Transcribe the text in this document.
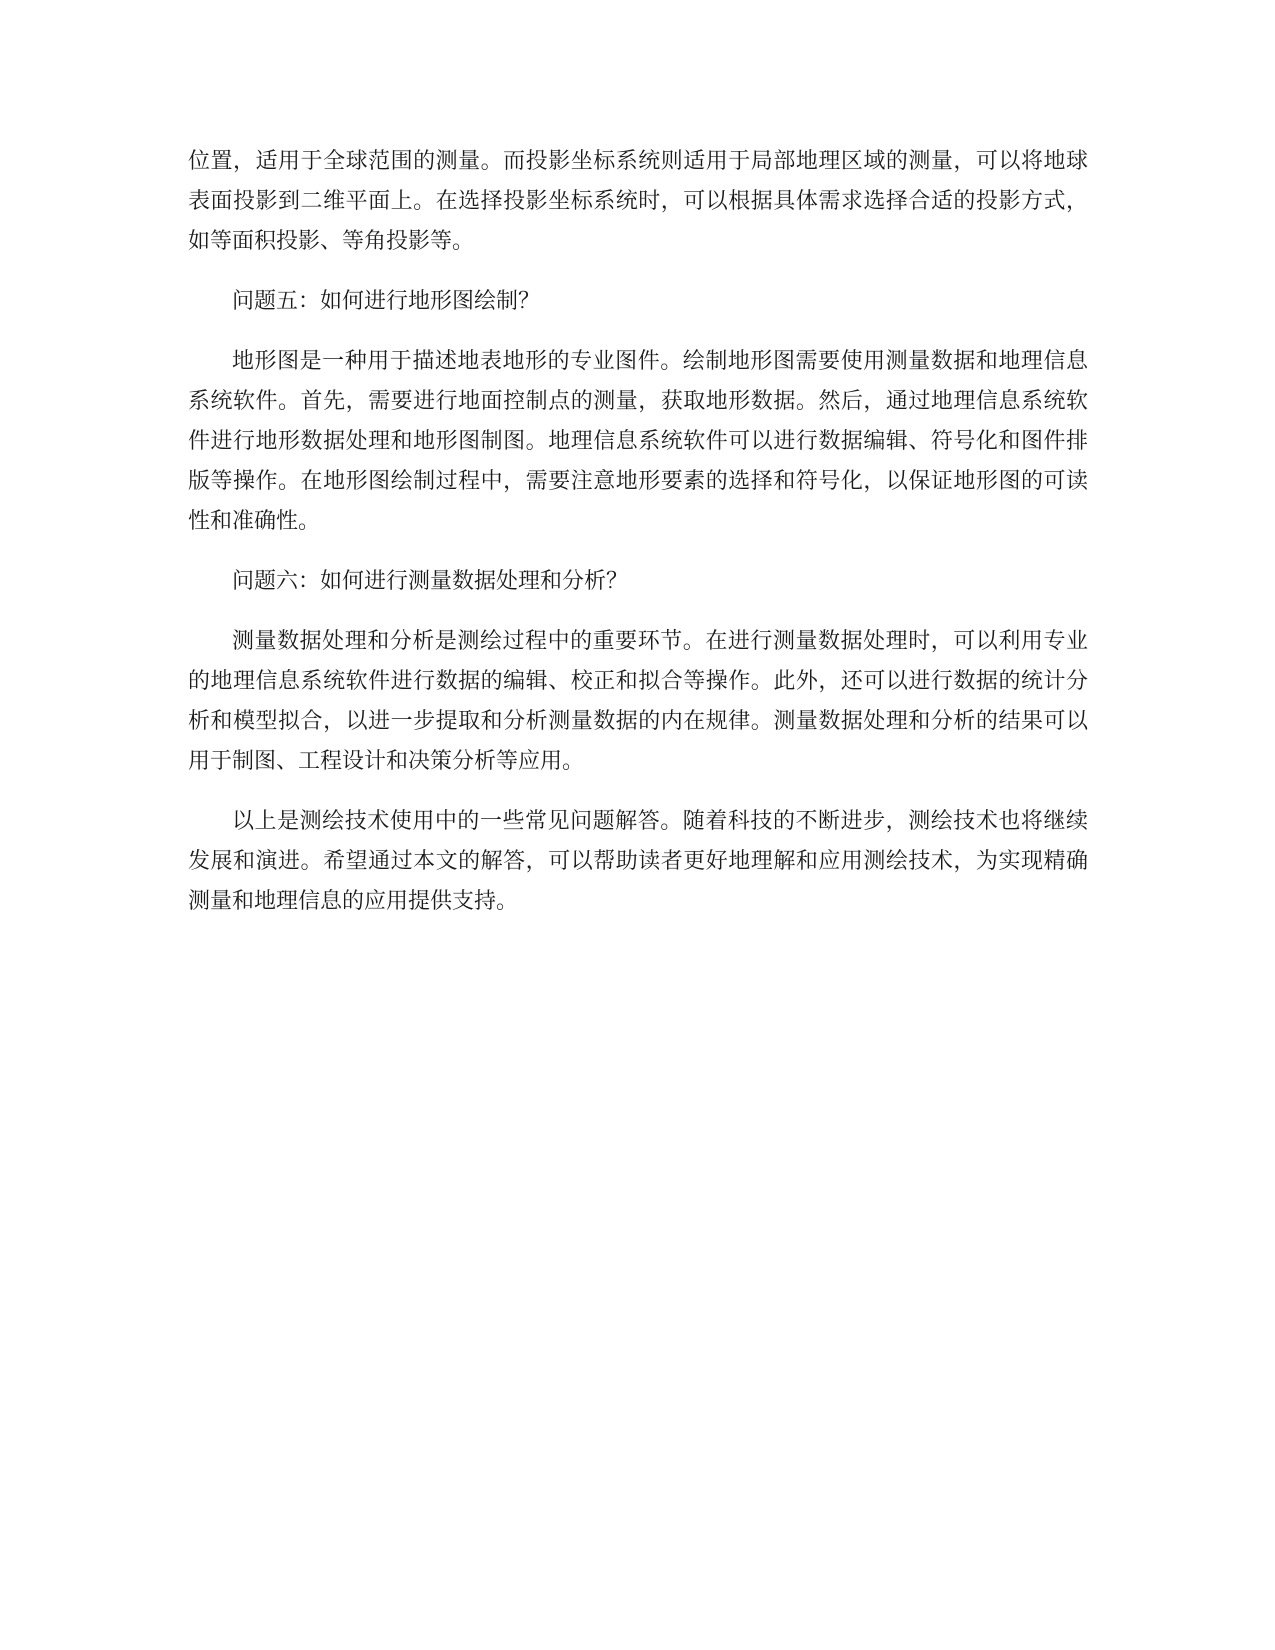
位置，适用于全球范围的测量。而投影坐标系统则适用于局部地理区域的测量，可以将地球表面投影到二维平面上。在选择投影坐标系统时，可以根据具体需求选择合适的投影方式，如等面积投影、等角投影等。

问题五：如何进行地形图绘制？

地形图是一种用于描述地表地形的专业图件。绘制地形图需要使用测量数据和地理信息系统软件。首先，需要进行地面控制点的测量，获取地形数据。然后，通过地理信息系统软件进行地形数据处理和地形图制图。地理信息系统软件可以进行数据编辑、符号化和图件排版等操作。在地形图绘制过程中，需要注意地形要素的选择和符号化，以保证地形图的可读性和准确性。

问题六：如何进行测量数据处理和分析？

测量数据处理和分析是测绘过程中的重要环节。在进行测量数据处理时，可以利用专业的地理信息系统软件进行数据的编辑、校正和拟合等操作。此外，还可以进行数据的统计分析和模型拟合，以进一步提取和分析测量数据的内在规律。测量数据处理和分析的结果可以用于制图、工程设计和决策分析等应用。

以上是测绘技术使用中的一些常见问题解答。随着科技的不断进步，测绘技术也将继续发展和演进。希望通过本文的解答，可以帮助读者更好地理解和应用测绘技术，为实现精确测量和地理信息的应用提供支持。
